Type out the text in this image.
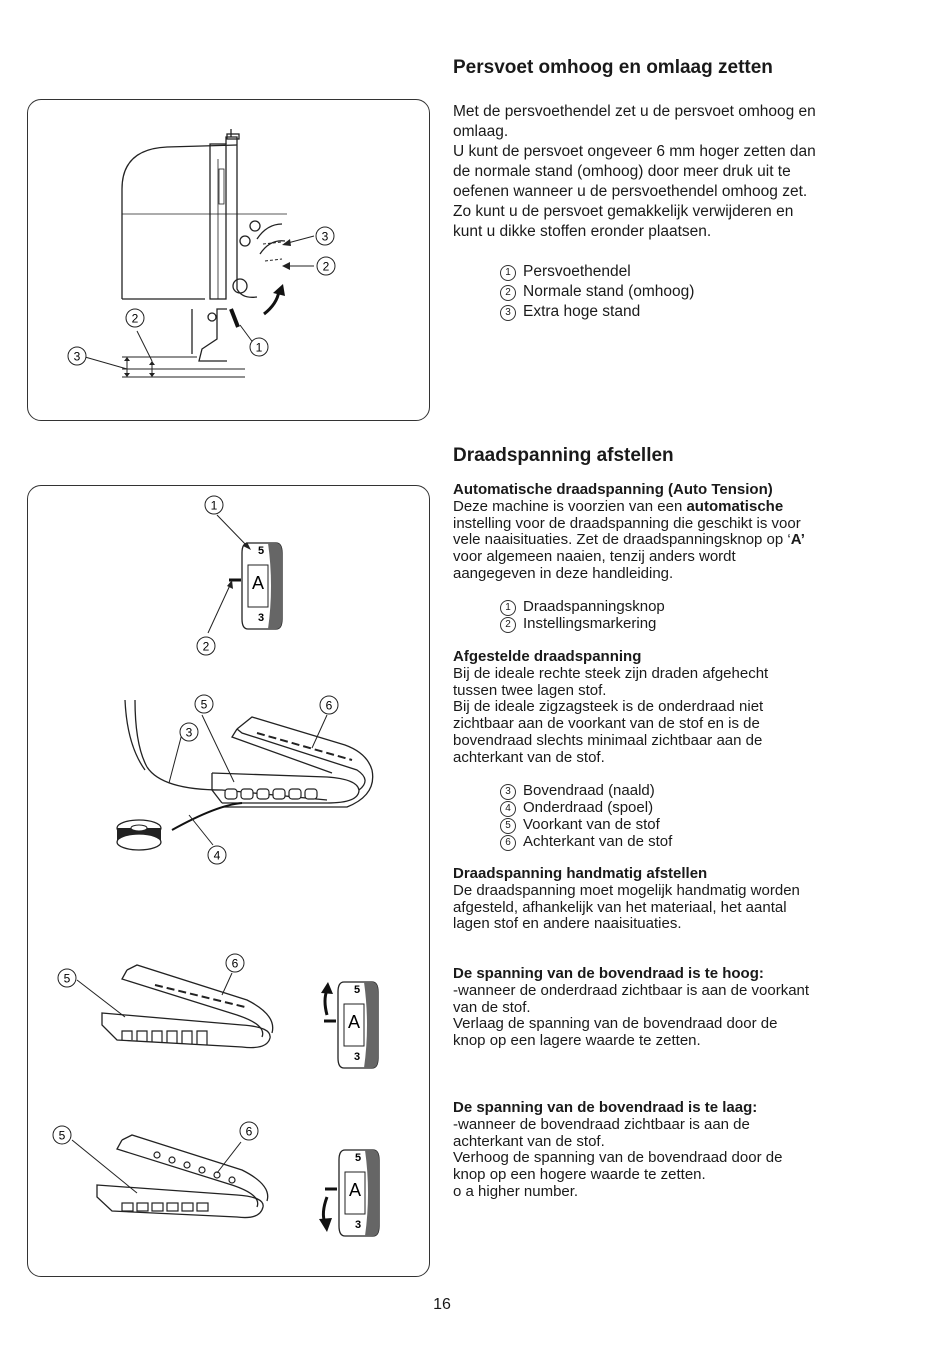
3
2
1
2
3
Persvoet omhoog en omlaag zetten

Met de persvoethendel zet u de persvoet omhoog en

omlaag.

U kunt de persvoet ongeveer 6 mm hoger zetten dan

de normale stand (omhoog) door meer druk uit te

oefenen wanneer u de persvoethendel omhoog zet.

Zo kunt u de persvoet gemakkelijk verwijderen en

kunt u dikke stoffen eronder plaatsen.

1 Persvoethendel

2 Normale stand (omhoog)

3 Extra hoge stand

5
A
3
1
2
5
3
6
4
5
6
5
A
3
5	6
5
A
3
Draadspanning afstellen

Automatische draadspanning (Auto Tension)

Deze machine is voorzien van een automatische

instelling voor de draadspanning die geschikt is voor

vele naaisituaties. Zet de draadspanningsknop op ‘A’

voor algemeen naaien, tenzij anders wordt

aangegeven in deze handleiding.

1 Draadspanningsknop

2 Instellingsmarkering

Afgestelde draadspanning

Bij de ideale rechte steek zijn draden afgehecht

tussen twee lagen stof.

Bij de ideale zigzagsteek is de onderdraad niet

zichtbaar aan de voorkant van de stof en is de

bovendraad slechts minimaal zichtbaar aan de

achterkant van de stof.

3 Bovendraad (naald)

4 Onderdraad (spoel)

5 Voorkant van de stof

6 Achterkant van de stof

Draadspanning handmatig afstellen

De draadspanning moet mogelijk handmatig worden

afgesteld, afhankelijk van het materiaal, het aantal

lagen stof en andere naaisituaties.

De spanning van de bovendraad is te hoog:

-wanneer de onderdraad zichtbaar is aan de voorkant

van de stof.

Verlaag de spanning van de bovendraad door de

knop op een lagere waarde te zetten.

De spanning van de bovendraad is te laag:

-wanneer de bovendraad zichtbaar is aan de

achterkant van de stof.

Verhoog de spanning van de bovendraad door de

knop op een hogere waarde te zetten.

o a higher number.

16
